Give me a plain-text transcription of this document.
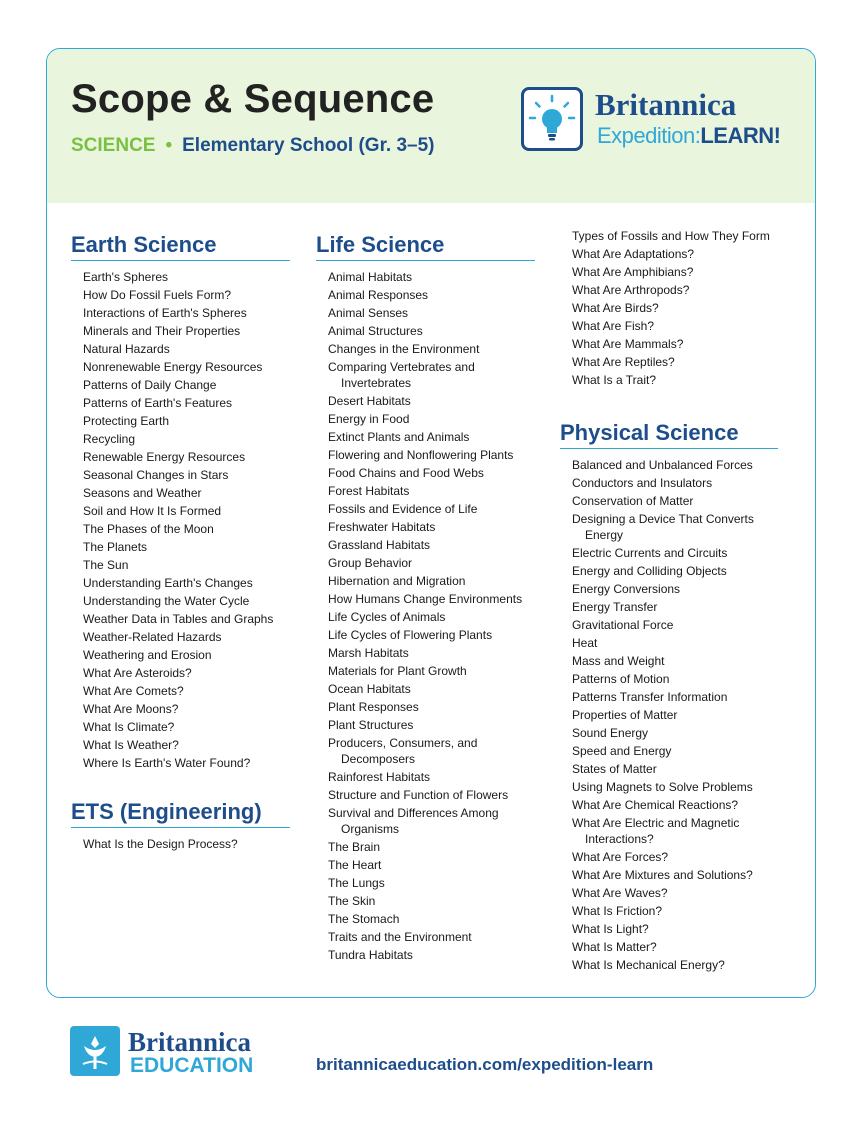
Scope & Sequence
SCIENCE • Elementary School (Gr. 3–5)
Britannica
Expedition:LEARN!
Earth Science
Earth's Spheres
How Do Fossil Fuels Form?
Interactions of Earth's Spheres
Minerals and Their Properties
Natural Hazards
Nonrenewable Energy Resources
Patterns of Daily Change
Patterns of Earth's Features
Protecting Earth
Recycling
Renewable Energy Resources
Seasonal Changes in Stars
Seasons and Weather
Soil and How It Is Formed
The Phases of the Moon
The Planets
The Sun
Understanding Earth's Changes
Understanding the Water Cycle
Weather Data in Tables and Graphs
Weather-Related Hazards
Weathering and Erosion
What Are Asteroids?
What Are Comets?
What Are Moons?
What Is Climate?
What Is Weather?
Where Is Earth's Water Found?
ETS (Engineering)
What Is the Design Process?
Life Science
Animal Habitats
Animal Responses
Animal Senses
Animal Structures
Changes in the Environment
Comparing Vertebrates and Invertebrates
Desert Habitats
Energy in Food
Extinct Plants and Animals
Flowering and Nonflowering Plants
Food Chains and Food Webs
Forest Habitats
Fossils and Evidence of Life
Freshwater Habitats
Grassland Habitats
Group Behavior
Hibernation and Migration
How Humans Change Environments
Life Cycles of Animals
Life Cycles of Flowering Plants
Marsh Habitats
Materials for Plant Growth
Ocean Habitats
Plant Responses
Plant Structures
Producers, Consumers, and Decomposers
Rainforest Habitats
Structure and Function of Flowers
Survival and Differences Among Organisms
The Brain
The Heart
The Lungs
The Skin
The Stomach
Traits and the Environment
Tundra Habitats
Types of Fossils and How They Form
What Are Adaptations?
What Are Amphibians?
What Are Arthropods?
What Are Birds?
What Are Fish?
What Are Mammals?
What Are Reptiles?
What Is a Trait?
Physical Science
Balanced and Unbalanced Forces
Conductors and Insulators
Conservation of Matter
Designing a Device That Converts Energy
Electric Currents and Circuits
Energy and Colliding Objects
Energy Conversions
Energy Transfer
Gravitational Force
Heat
Mass and Weight
Patterns of Motion
Patterns Transfer Information
Properties of Matter
Sound Energy
Speed and Energy
States of Matter
Using Magnets to Solve Problems
What Are Chemical Reactions?
What Are Electric and Magnetic Interactions?
What Are Forces?
What Are Mixtures and Solutions?
What Are Waves?
What Is Friction?
What Is Light?
What Is Matter?
What Is Mechanical Energy?
Britannica
EDUCATION	britannicaeducation.com/expedition-learn
